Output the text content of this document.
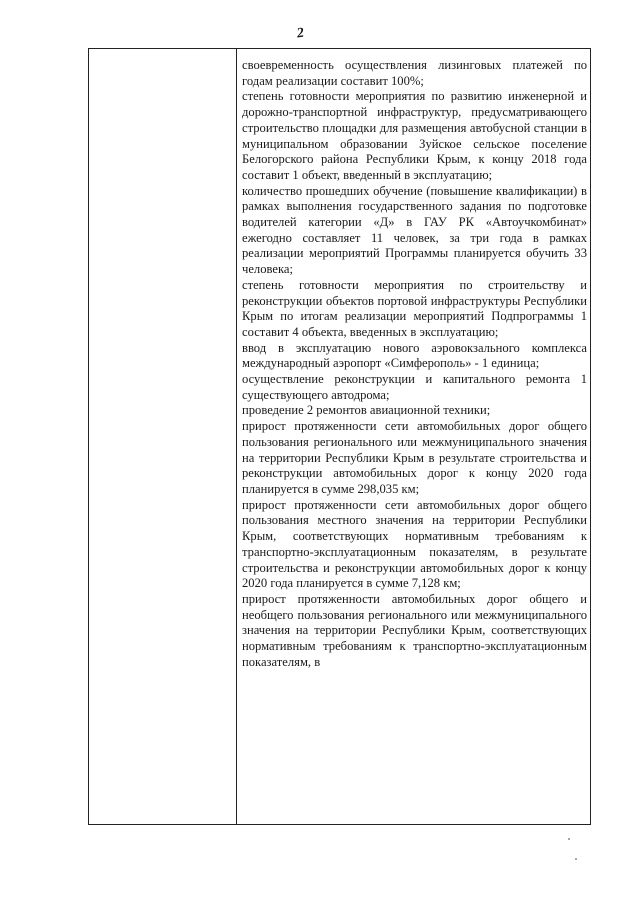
2

своевременность осуществления лизинговых платежей по годам реализации составит 100%;

степень готовности мероприятия по развитию инженерной и дорожно-транспортной инфраструктур, предусматривающего строительство площадки для размещения автобусной станции в муниципальном образовании Зуйское сельское поселение Белогорского района Республики Крым, к концу 2018 года составит 1 объект, введенный в эксплуатацию;

количество прошедших обучение (повышение квалификации) в рамках выполнения государственного задания по подготовке водителей категории «Д» в ГАУ РК «Автоучкомбинат» ежегодно составляет 11 человек, за три года в рамках реализации мероприятий Программы планируется обучить 33 человека;

степень готовности мероприятия по строительству и реконструкции объектов портовой инфраструктуры Республики Крым по итогам реализации мероприятий Подпрограммы 1 составит 4 объекта, введенных в эксплуатацию;

ввод в эксплуатацию нового аэровокзального комплекса международный аэропорт «Симферополь» - 1 единица;

осуществление реконструкции и капитального ремонта 1 существующего автодрома;

проведение 2 ремонтов авиационной техники;

прирост протяженности сети автомобильных дорог общего пользования регионального или межмуниципального значения на территории Республики Крым в результате строительства и реконструкции автомобильных дорог к концу 2020 года планируется в сумме 298,035 км;

прирост протяженности сети автомобильных дорог общего пользования местного значения на территории Республики Крым, соответствующих нормативным требованиям к транспортно-эксплуатационным показателям, в результате строительства и реконструкции автомобильных дорог к концу 2020 года планируется в сумме 7,128 км;

прирост протяженности автомобильных дорог общего и необщего пользования регионального или межмуниципального значения на территории Республики Крым, соответствующих нормативным требованиям к транспортно-эксплуатационным показателям, в
